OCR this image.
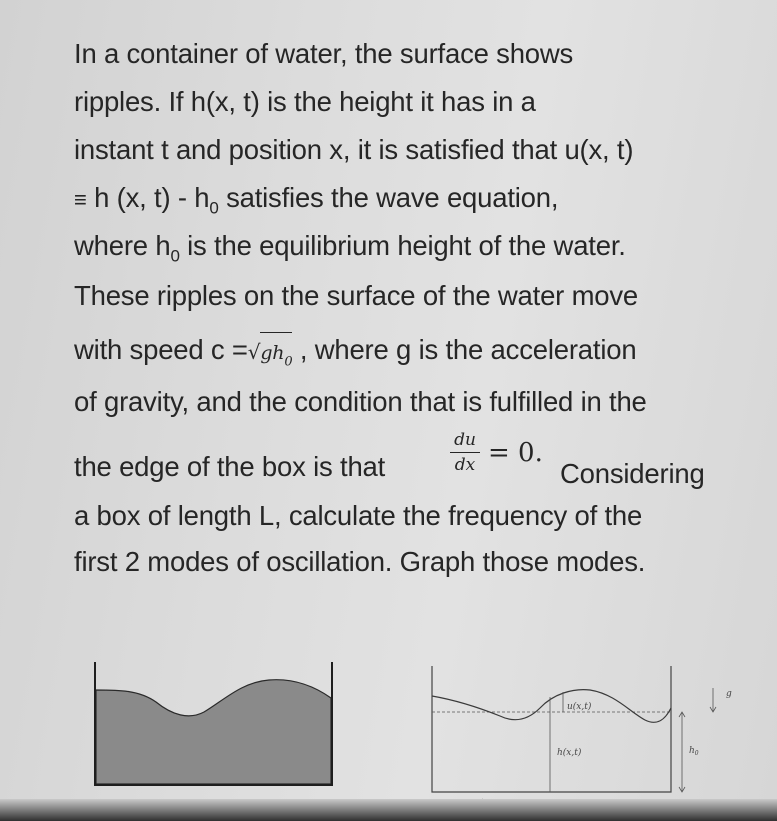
In a container of water, the surface shows
ripples. If h(x, t) is the height it has in a
instant t and position x, it is satisfied that u(x, t)
≡ h (x, $t) - h_0$ satisfies the wave equation,
where $h_0$ is the equilibrium height of the water.
These ripples on the surface of the water move
with speed $c =√gh_0$ , where g is the acceleration
of gravity, and the condition that is fulfilled in the
the edge of the box is that
du
dx = 0.
Considering
a box of length L, calculate the frequency of the
first 2 modes of oscillation. Graph those modes.
u(x,t)
h(x,t)	$h_0$
g
